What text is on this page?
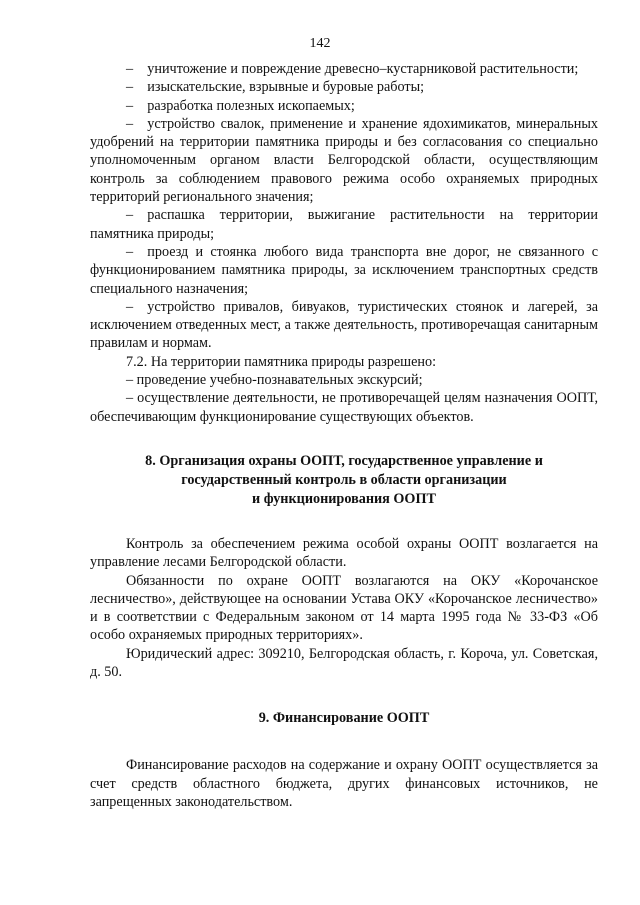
142

– уничтожение и повреждение древесно–кустарниковой растительности;

– изыскательские, взрывные и буровые работы;

– разработка полезных ископаемых;

– устройство свалок, применение и хранение ядохимикатов, минеральных удобрений на территории памятника природы и без согласования со специально уполномоченным органом власти Белгородской области, осуществляющим контроль за соблюдением правового режима особо охраняемых природных территорий регионального значения;

– распашка территории, выжигание растительности на территории памятника природы;

– проезд и стоянка любого вида транспорта вне дорог, не связанного с функционированием памятника природы, за исключением транспортных средств специального назначения;

– устройство привалов, бивуаков, туристических стоянок и лагерей, за исключением отведенных мест, а также деятельность, противоречащая санитарным правилам и нормам.

7.2. На территории памятника природы разрешено:

– проведение учебно-познавательных экскурсий;

– осуществление деятельности, не противоречащей целям назначения ООПТ, обеспечивающим функционирование существующих объектов.

8. Организация охраны ООПТ, государственное управление и
государственный контроль в области организации
и функционирования ООПТ

Контроль за обеспечением режима особой охраны ООПТ возлагается на управление лесами Белгородской области.

Обязанности по охране ООПТ возлагаются на ОКУ «Корочанское лесничество», действующее на основании Устава ОКУ «Корочанское лесничество» и в соответствии с Федеральным законом от 14 марта 1995 года № 33-ФЗ «Об особо охраняемых природных территориях».

Юридический адрес: 309210, Белгородская область, г. Короча, ул. Советская, д. 50.

9. Финансирование ООПТ

Финансирование расходов на содержание и охрану ООПТ осуществляется за счет средств областного бюджета, других финансовых источников, не запрещенных законодательством.
